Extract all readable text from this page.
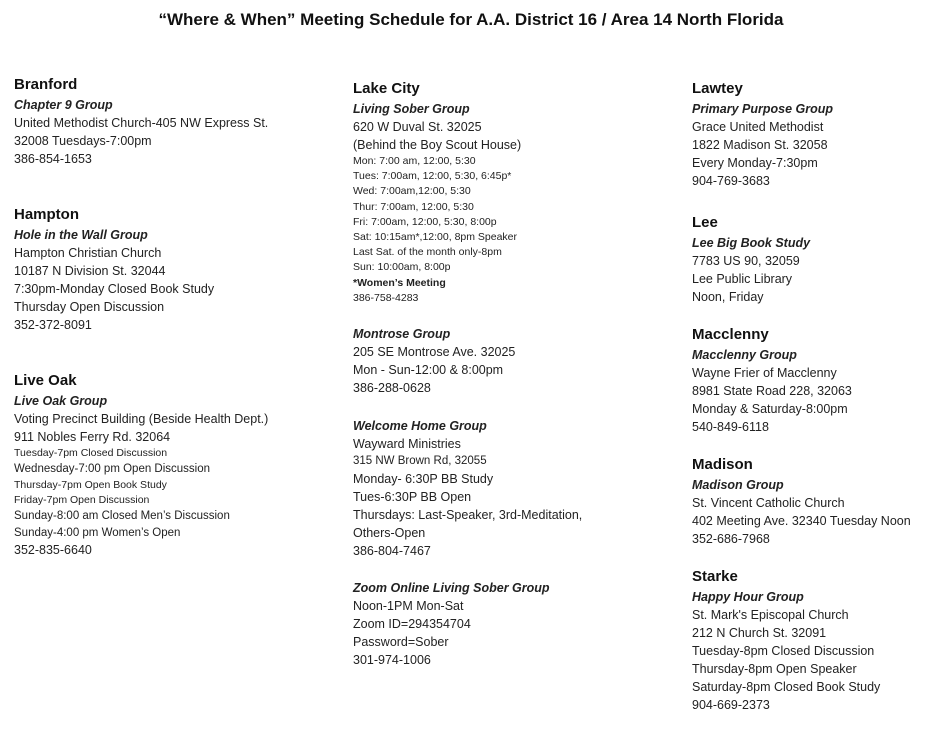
“Where & When” Meeting Schedule for A.A. District 16 / Area 14 North Florida
Branford
Chapter 9 Group
United Methodist Church-405 NW Express St.
32008 Tuesdays-7:00pm
386-854-1653
Hampton
Hole in the Wall Group
Hampton Christian Church
10187 N Division St. 32044
7:30pm-Monday Closed Book Study
Thursday Open Discussion
352-372-8091
Live Oak
Live Oak Group
Voting Precinct Building (Beside Health Dept.)
911 Nobles Ferry Rd. 32064
Tuesday-7pm Closed Discussion
Wednesday-7:00 pm Open Discussion
Thursday-7pm Open Book Study
Friday-7pm Open Discussion
Sunday-8:00 am Closed Men’s Discussion
Sunday-4:00 pm Women’s Open
352-835-6640
Lake City
Living Sober Group
620 W Duval St. 32025
(Behind the Boy Scout House)
Mon: 7:00 am, 12:00, 5:30
Tues: 7:00am, 12:00, 5:30, 6:45p*
Wed: 7:00am,12:00, 5:30
Thur: 7:00am, 12:00, 5:30
Fri: 7:00am, 12:00, 5:30, 8:00p
Sat: 10:15am*,12:00, 8pm Speaker
Last Sat. of the month only-8pm
Sun: 10:00am, 8:00p
*Women’s Meeting
386-758-4283
Montrose Group
205 SE Montrose Ave. 32025
Mon - Sun-12:00 & 8:00pm
386-288-0628
Welcome Home Group
Wayward Ministries
315 NW Brown Rd, 32055
Monday- 6:30P BB Study
Tues-6:30P BB Open
Thursdays: Last-Speaker, 3rd-Meditation,
Others-Open
386-804-7467
Zoom Online Living Sober Group
Noon-1PM Mon-Sat
Zoom ID=294354704
Password=Sober
301-974-1006
Lawtey
Primary Purpose Group
Grace United Methodist
1822 Madison St. 32058
Every Monday-7:30pm
904-769-3683
Lee
Lee Big Book Study
7783 US 90, 32059
Lee Public Library
Noon, Friday
Macclenny
Macclenny Group
Wayne Frier of Macclenny
8981 State Road 228, 32063
Monday & Saturday-8:00pm
540-849-6118
Madison
Madison Group
St. Vincent Catholic Church
402 Meeting Ave. 32340 Tuesday Noon
352-686-7968
Starke
Happy Hour Group
St. Mark's Episcopal Church
212 N Church St. 32091
Tuesday-8pm Closed Discussion
Thursday-8pm Open Speaker
Saturday-8pm Closed Book Study
904-669-2373
